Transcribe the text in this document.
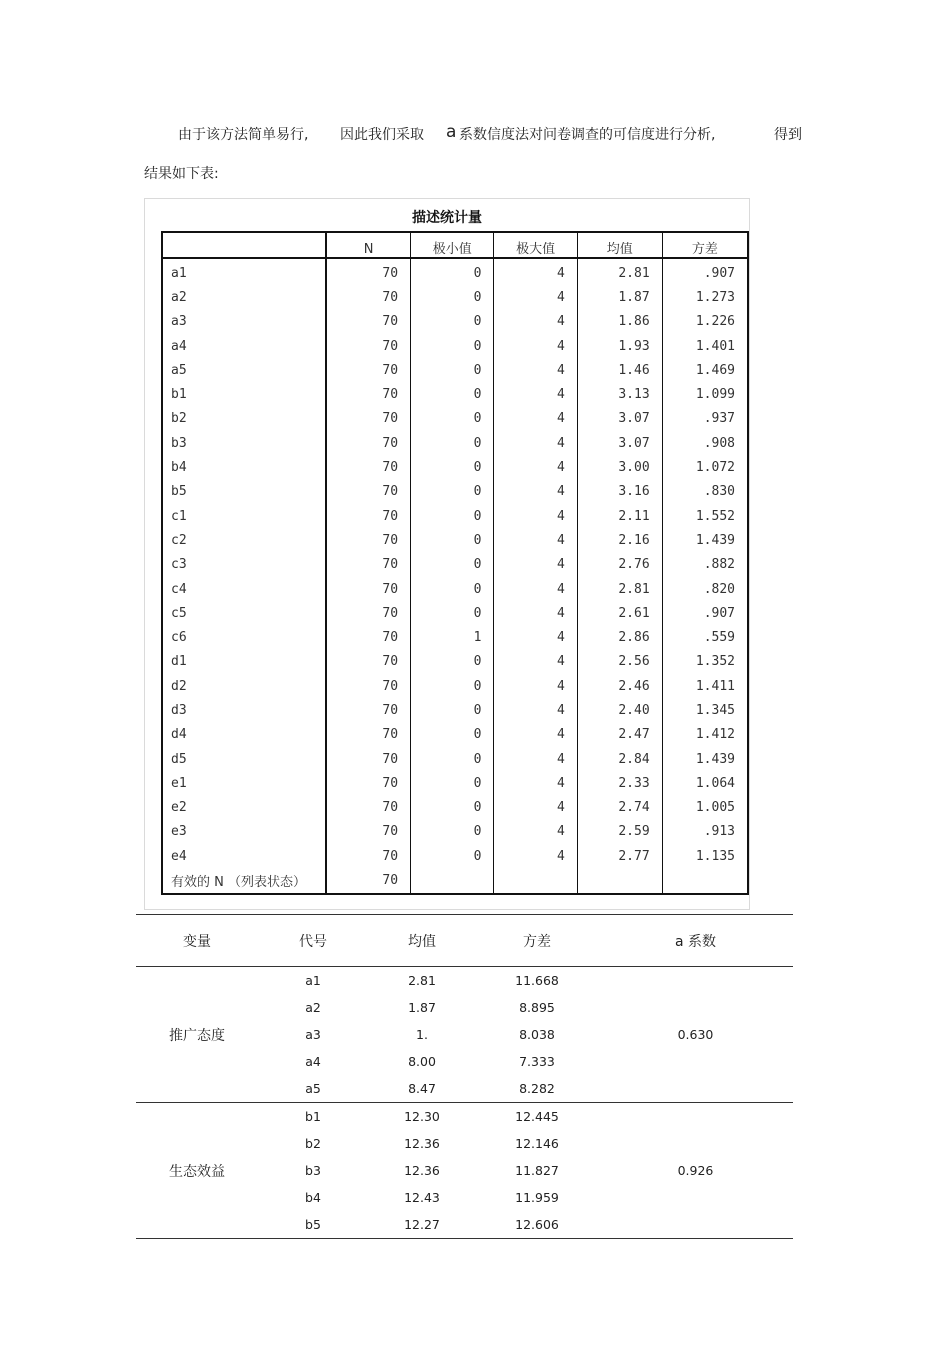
由于该方法简单易行, 因此我们采取 a 系数信度法对问卷调查的可信度进行分析,	得到
结果如下表:
描述统计量
	N	极小值	极大值	均值	方差
a1	70	0	4	2.81	.907
a2	70	0	4	1.87	1.273
a3	70	0	4	1.86	1.226
a4	70	0	4	1.93	1.401
a5	70	0	4	1.46	1.469
b1	70	0	4	3.13	1.099
b2	70	0	4	3.07	.937
b3	70	0	4	3.07	.908
b4	70	0	4	3.00	1.072
b5	70	0	4	3.16	.830
c1	70	0	4	2.11	1.552
c2	70	0	4	2.16	1.439
c3	70	0	4	2.76	.882
c4	70	0	4	2.81	.820
c5	70	0	4	2.61	.907
c6	70	1	4	2.86	.559
d1	70	0	4	2.56	1.352
d2	70	0	4	2.46	1.411
d3	70	0	4	2.40	1.345
d4	70	0	4	2.47	1.412
d5	70	0	4	2.84	1.439
e1	70	0	4	2.33	1.064
e2	70	0	4	2.74	1.005
e3	70	0	4	2.59	.913
e4	70	0	4	2.77	1.135
有效的 N （列表状态）	70				
变量	代号	均值	方差	a 系数
推广态度	a1	2.81	11.668	0.630
	a2	1.87	8.895	
	a3	1.	8.038	
	a4	8.00	7.333	
	a5	8.47	8.282	
生态效益	b1	12.30	12.445	0.926
	b2	12.36	12.146	
	b3	12.36	11.827	
	b4	12.43	11.959	
	b5	12.27	12.606	
